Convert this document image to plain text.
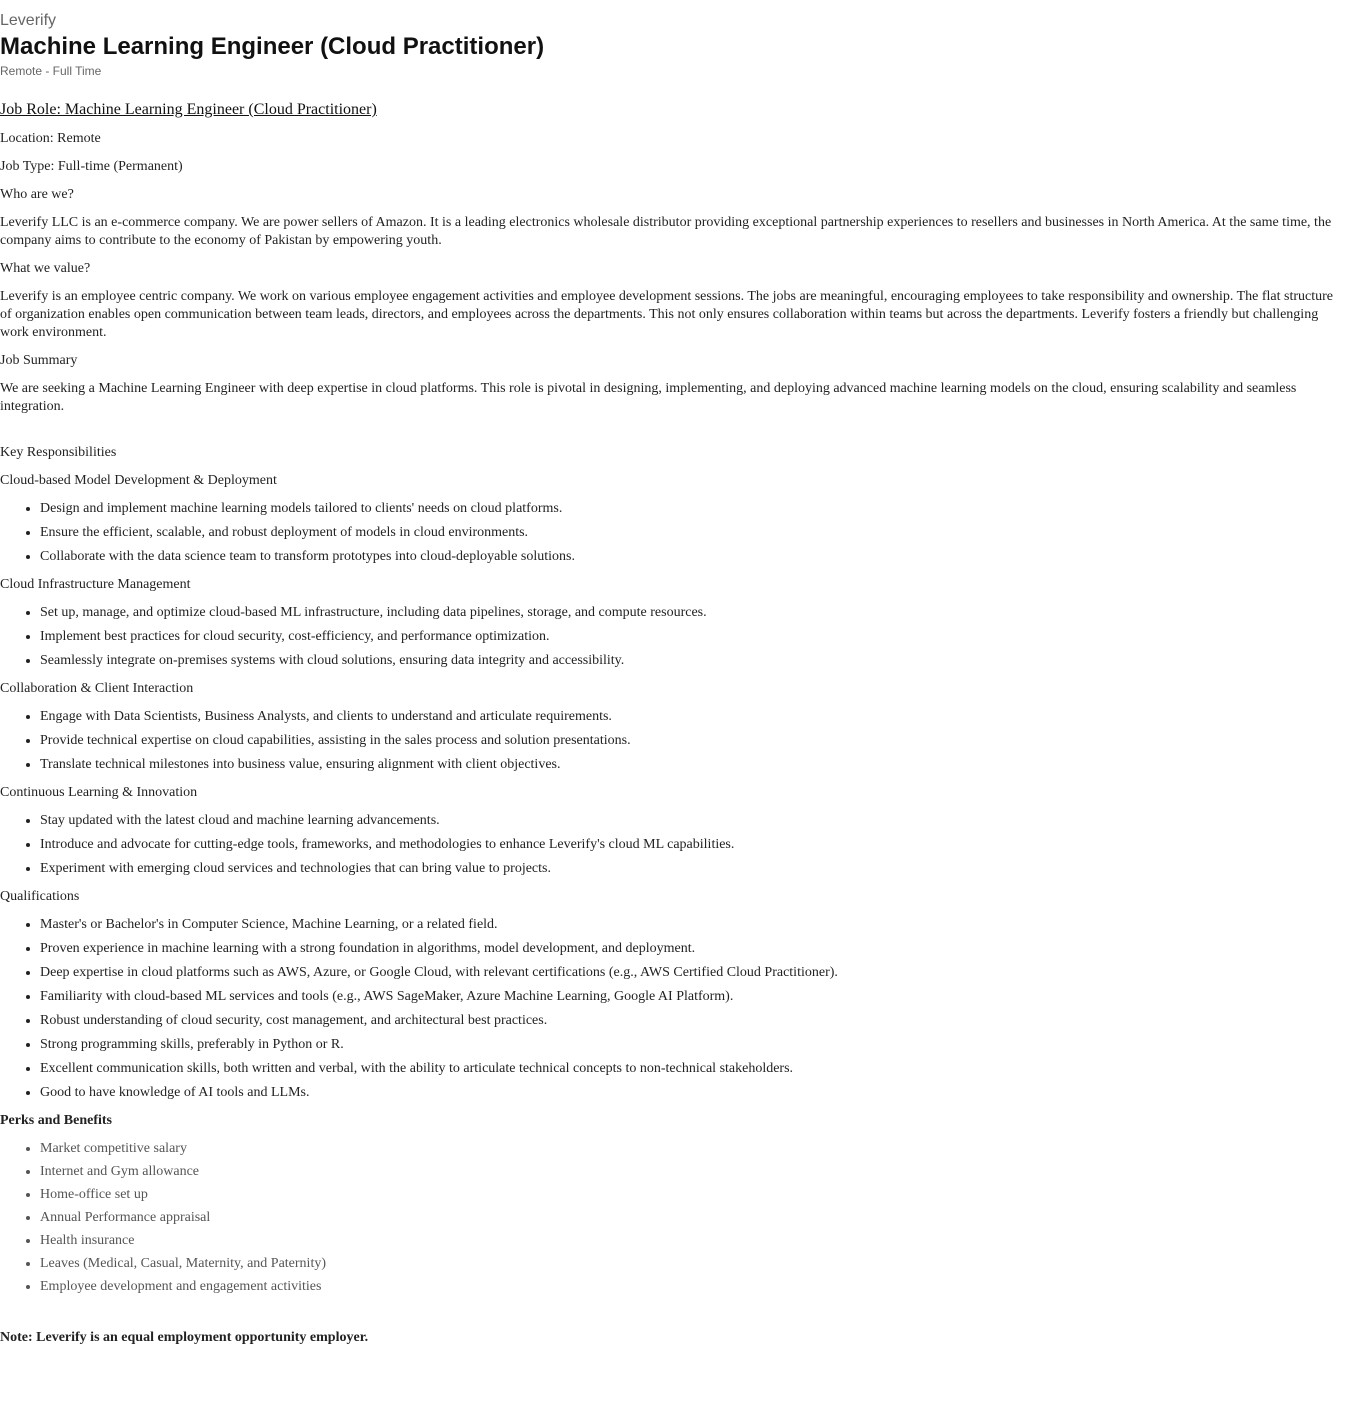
Leverify
Machine Learning Engineer (Cloud Practitioner)
Remote - Full Time

Job Role: Machine Learning Engineer (Cloud Practitioner)

Location: Remote

Job Type: Full-time (Permanent)

Who are we?

Leverify LLC is an e-commerce company. We are power sellers of Amazon. It is a leading electronics wholesale distributor providing exceptional partnership experiences to resellers and businesses in North America. At the same time, the company aims to contribute to the economy of Pakistan by empowering youth.

What we value?

Leverify is an employee centric company. We work on various employee engagement activities and employee development sessions. The jobs are meaningful, encouraging employees to take responsibility and ownership. The flat structure of organization enables open communication between team leads, directors, and employees across the departments. This not only ensures collaboration within teams but across the departments. Leverify fosters a friendly but challenging work environment.

Job Summary

We are seeking a Machine Learning Engineer with deep expertise in cloud platforms. This role is pivotal in designing, implementing, and deploying advanced machine learning models on the cloud, ensuring scalability and seamless integration.

Key Responsibilities

Cloud-based Model Development & Deployment

• Design and implement machine learning models tailored to clients' needs on cloud platforms.
• Ensure the efficient, scalable, and robust deployment of models in cloud environments.
• Collaborate with the data science team to transform prototypes into cloud-deployable solutions.

Cloud Infrastructure Management

• Set up, manage, and optimize cloud-based ML infrastructure, including data pipelines, storage, and compute resources.
• Implement best practices for cloud security, cost-efficiency, and performance optimization.
• Seamlessly integrate on-premises systems with cloud solutions, ensuring data integrity and accessibility.

Collaboration & Client Interaction

• Engage with Data Scientists, Business Analysts, and clients to understand and articulate requirements.
• Provide technical expertise on cloud capabilities, assisting in the sales process and solution presentations.
• Translate technical milestones into business value, ensuring alignment with client objectives.

Continuous Learning & Innovation

• Stay updated with the latest cloud and machine learning advancements.
• Introduce and advocate for cutting-edge tools, frameworks, and methodologies to enhance Leverify's cloud ML capabilities.
• Experiment with emerging cloud services and technologies that can bring value to projects.

Qualifications

• Master's or Bachelor's in Computer Science, Machine Learning, or a related field.
• Proven experience in machine learning with a strong foundation in algorithms, model development, and deployment.
• Deep expertise in cloud platforms such as AWS, Azure, or Google Cloud, with relevant certifications (e.g., AWS Certified Cloud Practitioner).
• Familiarity with cloud-based ML services and tools (e.g., AWS SageMaker, Azure Machine Learning, Google AI Platform).
• Robust understanding of cloud security, cost management, and architectural best practices.
• Strong programming skills, preferably in Python or R.
• Excellent communication skills, both written and verbal, with the ability to articulate technical concepts to non-technical stakeholders.
• Good to have knowledge of AI tools and LLMs.

Perks and Benefits

• Market competitive salary
• Internet and Gym allowance
• Home-office set up
• Annual Performance appraisal
• Health insurance
• Leaves (Medical, Casual, Maternity, and Paternity)
• Employee development and engagement activities

Note: Leverify is an equal employment opportunity employer.
